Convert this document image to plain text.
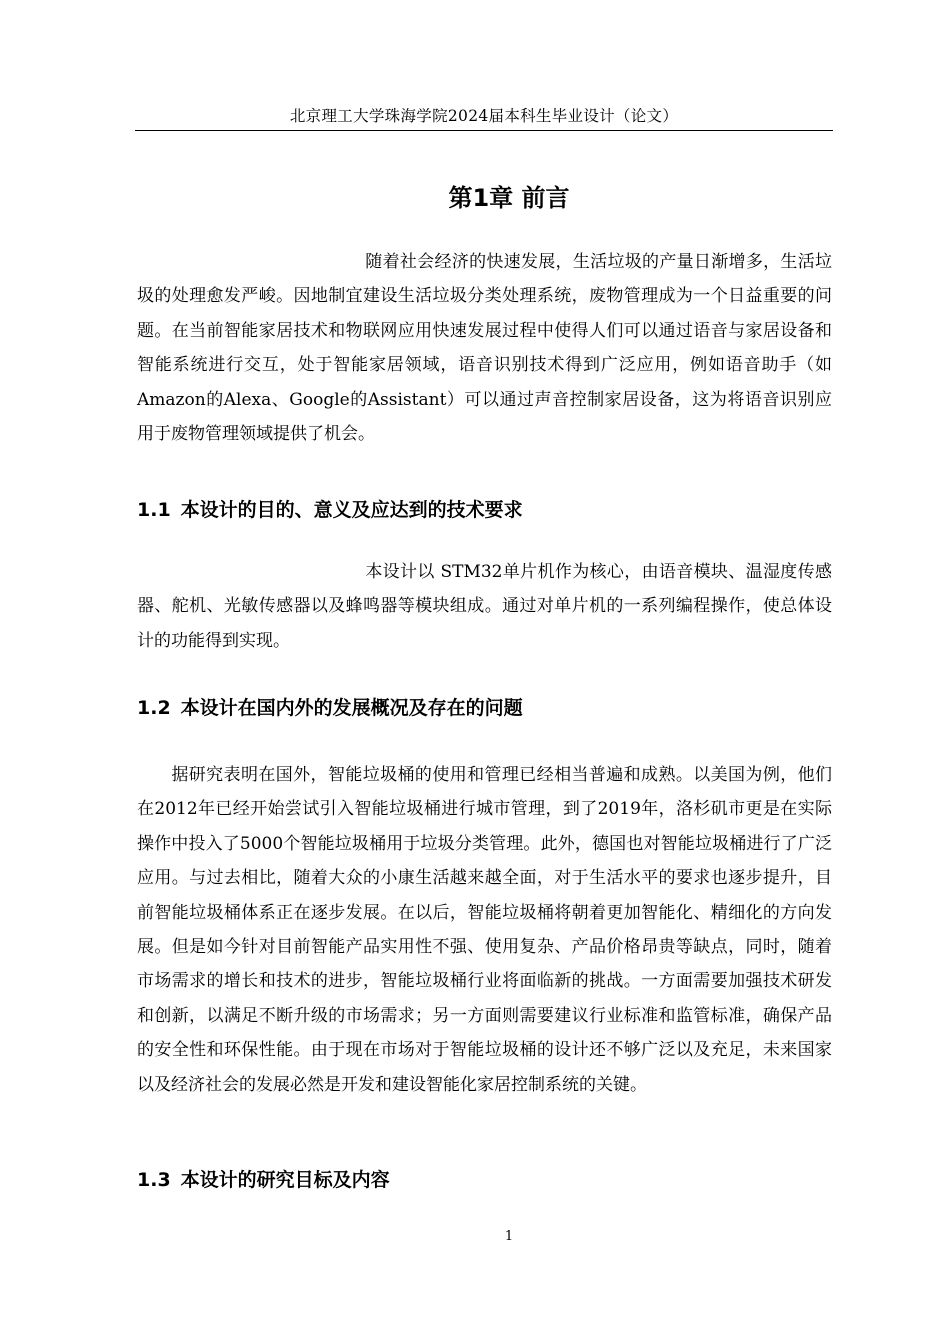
北京理工大学珠海学院2024届本科生毕业设计（论文）
第1章 前言

随着社会经济的快速发展，生活垃圾的产量日渐增多，生活垃圾的处理愈发严峻。因地制宜建设生活垃圾分类处理系统，废物管理成为一个日益重要的问题。在当前智能家居技术和物联网应用快速发展过程中使得人们可以通过语音与家居设备和智能系统进行交互，处于智能家居领域，语音识别技术得到广泛应用，例如语音助手（如Amazon的Alexa、Google的Assistant）可以通过声音控制家居设备，这为将语音识别应用于废物管理领域提供了机会。

1.1 本设计的目的、意义及应达到的技术要求

本设计以 STM32单片机作为核心，由语音模块、温湿度传感器、舵机、光敏传感器以及蜂鸣器等模块组成。通过对单片机的一系列编程操作，使总体设计的功能得到实现。

1.2 本设计在国内外的发展概况及存在的问题

据研究表明在国外，智能垃圾桶的使用和管理已经相当普遍和成熟。以美国为例，他们在2012年已经开始尝试引入智能垃圾桶进行城市管理，到了2019年，洛杉矶市更是在实际操作中投入了5000个智能垃圾桶用于垃圾分类管理。此外，德国也对智能垃圾桶进行了广泛应用。与过去相比，随着大众的小康生活越来越全面，对于生活水平的要求也逐步提升，目前智能垃圾桶体系正在逐步发展。在以后，智能垃圾桶将朝着更加智能化、精细化的方向发展。但是如今针对目前智能产品实用性不强、使用复杂、产品价格昂贵等缺点，同时，随着市场需求的增长和技术的进步，智能垃圾桶行业将面临新的挑战。一方面需要加强技术研发和创新，以满足不断升级的市场需求；另一方面则需要建议行业标准和监管标准，确保产品的安全性和环保性能。由于现在市场对于智能垃圾桶的设计还不够广泛以及充足，未来国家以及经济社会的发展必然是开发和建设智能化家居控制系统的关键。

1.3 本设计的研究目标及内容
1
